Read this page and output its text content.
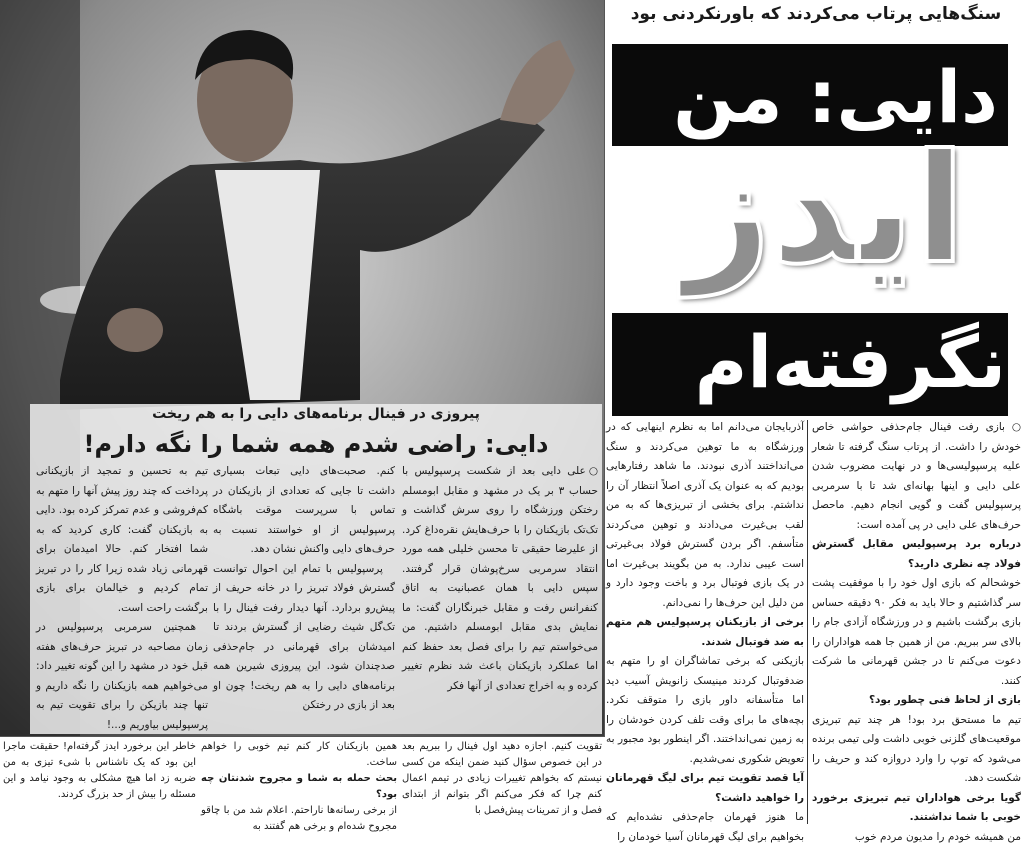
پیروزی در فینال برنامه‌های دایی را به هم ریخت
دایی: راضی شدم همه شما را نگه دارم!

○علی دایی بعد از شکست پرسپولیس با حساب ۳ بر یک در مشهد و مقابل ابومسلم رختکن ورزشگاه را روی سرش گذاشت و تک‌تک بازیکنان را با حرف‌هایش نقره‌داغ کرد. از علیرضا حقیقی تا محسن خلیلی همه مورد انتقاد سرمربی سرخ‌پوشان قرار گرفتند. سپس دایی با همان عصبانیت به اتاق کنفرانس رفت و مقابل خبرنگاران گفت: ما نمایش بدی مقابل ابومسلم داشتیم. من می‌خواستم تیم را برای فصل بعد حفظ کنم اما عملکرد بازیکنان باعث شد نظرم تغییر کرده و به اخراج تعدادی از آنها فکر

کنم. صحبت‌های دایی تبعات بسیاری داشت تا جایی که تعدادی از بازیکنان در تماس با سرپرست موقت باشگاه پرسپولیس از او خواستند نسبت به حرف‌های دایی واکنش نشان دهد.

پرسپولیس با تمام این احوال توانست گسترش فولاد تبریز را در خانه حریف از پیش‌رو بردارد. آنها دیدار رفت فینال را با تک‌گل شیث رضایی از گسترش بردند تا امیدشان برای قهرمانی در جام‌حذفی صدچندان شود. این پیروزی شیرین همه برنامه‌های دایی را به هم ریخت! چون او بعد از بازی در رختکن

تیم به تحسین و تمجید از بازیکنانی پرداخت که چند روز پیش آنها را متهم به کم‌فروشی و عدم تمرکز کرده بود. دایی به بازیکنان گفت: کاری کردید که به شما افتخار کنم. حالا امیدمان برای قهرمانی زیاد شده زیرا کار را در تبریز تمام کردیم و خیالمان برای بازی برگشت راحت است.

همچنین سرمربی پرسپولیس در زمان مصاحبه در تبریز حرف‌های هفته قبل خود در مشهد را این گونه تغییر داد: می‌خواهیم همه بازیکنان را نگه داریم و تنها چند بازیکن را برای تقویت تیم به پرسپولیس بیاوریم و...!

سنگ‌هایی پرتاب می‌کردند که باورنکردنی بود
دایی: من
ایدز
نگرفته‌ام

○ بازی رفت فینال جام‌حذفی حواشی خاص خودش را داشت. از پرتاب سنگ گرفته تا شعار علیه پرسپولیسی‌ها و در نهایت مضروب شدن علی دایی و اینها بهانه‌ای شد تا با سرمربی پرسپولیس گفت و گویی انجام دهیم. ماحصل حرف‌های علی دایی در پی آمده است:

درباره برد پرسپولیس مقابل گسترش فولاد چه نظری دارید؟

خوشحالم که بازی اول خود را با موفقیت پشت سر گذاشتیم و حالا باید به فکر ۹۰ دقیقه حساس بازی برگشت باشیم و در ورزشگاه آزادی جام را بالای سر ببریم. من از همین جا همه هواداران را دعوت می‌کنم تا در جشن قهرمانی ما شرکت کنند.

بازی از لحاظ فنی چطور بود؟

تیم ما مستحق برد بود! هر چند تیم تبریزی موقعیت‌های گلزنی خوبی داشت ولی تیمی برنده می‌شود که توپ را وارد دروازه کند و حریف را شکست دهد.

گویا برخی هواداران تیم تبریزی برخورد خوبی با شما نداشتند.

من همیشه خودم را مدیون مردم خوب

آذربایجان می‌دانم اما به نظرم اینهایی که در ورزشگاه به ما توهین می‌کردند و سنگ می‌انداختند آذری نبودند. ما شاهد رفتارهایی بودیم که به عنوان یک آذری اصلاً انتظار آن را نداشتم. برای بخشی از تبریزی‌ها که به من لقب بی‌غیرت می‌دادند و توهین می‌کردند متأسفم. اگر بردن گسترش فولاد بی‌غیرتی است عیبی ندارد. به من بگویند بی‌غیرت اما در یک بازی فوتبال برد و باخت وجود دارد و من دلیل این حرف‌ها را نمی‌دانم.

برخی از بازیکنان پرسپولیس هم متهم به ضد فوتبال شدند.

بازیکنی که برخی تماشاگران او را متهم به ضدفوتبال کردند مینیسک زانویش آسیب دید اما متأسفانه داور بازی را متوقف نکرد. بچه‌های ما برای وقت تلف کردن خودشان را به زمین نمی‌انداختند. اگر اینطور بود مجبور به تعویض شکوری نمی‌شدیم.

آیا قصد تقویت تیم برای لیگ قهرمانان را خواهید داشت؟

ما هنوز قهرمان جام‌حذفی نشده‌ایم که بخواهیم برای لیگ قهرمانان آسیا خودمان را

تقویت کنیم. اجازه دهید اول فینال را ببریم بعد در این خصوص سؤال کنید ضمن اینکه من کسی نیستم که بخواهم تغییرات زیادی در تیمم اعمال کنم چرا که فکر می‌کنم اگر بتوانم از ابتدای فصل و از تمرینات پیش‌فصل با

همین بازیکنان کار کنم تیم خوبی را خواهم ساخت.

بحث حمله به شما و مجروح شدنتان چه بود؟

از برخی رسانه‌ها ناراحتم. اعلام شد من با چاقو مجروح شده‌ام و برخی هم گفتند به

خاطر این برخورد ایدز گرفته‌ام! حقیقت ماجرا این بود که یک ناشناس با شیء تیزی به من ضربه زد اما هیچ مشکلی به وجود نیامد و این مسئله را بیش از حد بزرگ کردند.
